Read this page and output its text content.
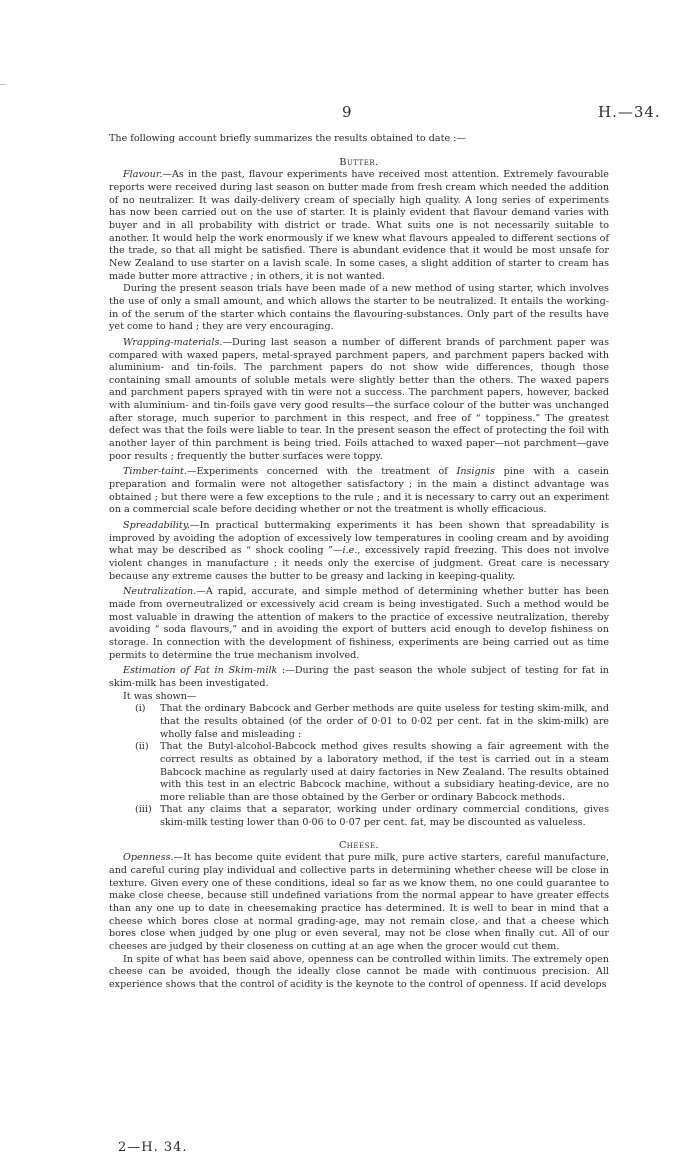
9	H.—34.

The following account briefly summarizes the results obtained to date :—

Butter.

Flavour.—As in the past, flavour experiments have received most attention. Extremely favourable reports were received during last season on butter made from fresh cream which needed the addition of no neutralizer. It was daily-delivery cream of specially high quality. A long series of experiments has now been carried out on the use of starter. It is plainly evident that flavour demand varies with buyer and in all probability with district or trade. What suits one is not necessarily suitable to another. It would help the work enormously if we knew what flavours appealed to different sections of the trade, so that all might be satisfied. There is abundant evidence that it would be most unsafe for New Zealand to use starter on a lavish scale. In some cases, a slight addition of starter to cream has made butter more attractive ; in others, it is not wanted.

During the present season trials have been made of a new method of using starter, which involves the use of only a small amount, and which allows the starter to be neutralized. It entails the working-in of the serum of the starter which contains the flavouring-substances. Only part of the results have yet come to hand ; they are very encouraging.

Wrapping-materials.—During last season a number of different brands of parchment paper was compared with waxed papers, metal-sprayed parchment papers, and parchment papers backed with aluminium- and tin-foils. The parchment papers do not show wide differences, though those containing small amounts of soluble metals were slightly better than the others. The waxed papers and parchment papers sprayed with tin were not a success. The parchment papers, however, backed with aluminium- and tin-foils gave very good results—the surface colour of the butter was unchanged after storage, much superior to parchment in this respect, and free of “ toppiness.” The greatest defect was that the foils were liable to tear. In the present season the effect of protecting the foil with another layer of thin parchment is being tried. Foils attached to waxed paper—not parchment—gave poor results ; frequently the butter surfaces were toppy.

Timber-taint.—Experiments concerned with the treatment of Insignis pine with a casein preparation and formalin were not altogether satisfactory ; in the main a distinct advantage was obtained ; but there were a few exceptions to the rule ; and it is necessary to carry out an experiment on a commercial scale before deciding whether or not the treatment is wholly efficacious.

Spreadability.—In practical buttermaking experiments it has been shown that spreadability is improved by avoiding the adoption of excessively low temperatures in cooling cream and by avoiding what may be described as “ shock cooling ”—i.e., excessively rapid freezing. This does not involve violent changes in manufacture ; it needs only the exercise of judgment. Great care is necessary because any extreme causes the butter to be greasy and lacking in keeping-quality.

Neutralization.—A rapid, accurate, and simple method of determining whether butter has been made from overneutralized or excessively acid cream is being investigated. Such a method would be most valuable in drawing the attention of makers to the practice of excessive neutralization, thereby avoiding “ soda flavours,” and in avoiding the export of butters acid enough to develop fishiness on storage. In connection with the development of fishiness, experiments are being carried out as time permits to determine the true mechanism involved.

Estimation of Fat in Skim-milk :—During the past season the whole subject of testing for fat in skim-milk has been investigated.

It was shown—

(i)	That the ordinary Babcock and Gerber methods are quite useless for testing skim-milk, and that the results obtained (of the order of 0·01 to 0·02 per cent. fat in the skim-milk) are wholly false and misleading :
(ii)	That the Butyl-alcohol-Babcock method gives results showing a fair agreement with the correct results as obtained by a laboratory method, if the test is carried out in a steam Babcock machine as regularly used at dairy factories in New Zealand. The results obtained with this test in an electric Babcock machine, without a subsidiary heating-device, are no more reliable than are those obtained by the Gerber or ordinary Babcock methods.
(iii) That any claims that a separator, working under ordinary commercial conditions, gives skim-milk testing lower than 0·06 to 0·07 per cent. fat, may be discounted as valueless.

Cheese.

Openness.—It has become quite evident that pure milk, pure active starters, careful manufacture, and careful curing play individual and collective parts in determining whether cheese will be close in texture. Given every one of these conditions, ideal so far as we know them, no one could guarantee to make close cheese, because still undefined variations from the normal appear to have greater effects than any one up to date in cheesemaking practice has determined. It is well to bear in mind that a cheese which bores close at normal grading-age, may not remain close, and that a cheese which bores close when judged by one plug or even several, may not be close when finally cut. All of our cheeses are judged by their closeness on cutting at an age when the grocer would cut them.

In spite of what has been said above, openness can be controlled within limits. The extremely open cheese can be avoided, though the ideally close cannot be made with continuous precision. All experience shows that the control of acidity is the keynote to the control of openness. If acid develops

2—H. 34.
